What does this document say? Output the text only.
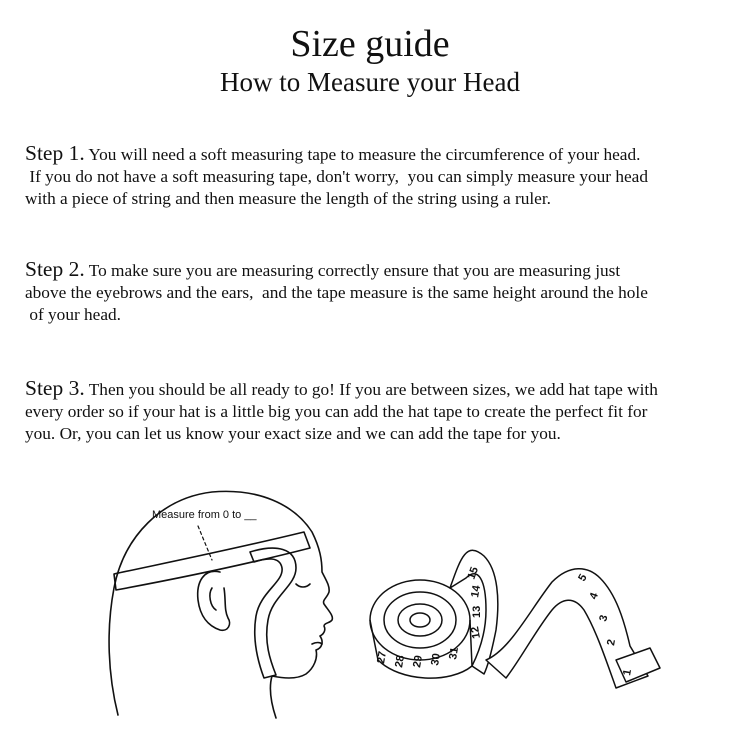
Size guide
How to Measure your Head
Step 1. You will need a soft measuring tape to measure the circumference of your head.
If you do not have a soft measuring tape, don't worry,  you can simply measure your head
with a piece of string and then measure the length of the string using a ruler.
Step 2. To make sure you are measuring correctly ensure that you are measuring just
above the eyebrows and the ears,  and the tape measure is the same height around the hole
of your head.
Step 3. Then you should be all ready to go! If you are between sizes, we add hat tape with
every order so if your hat is a little big you can add the hat tape to create the perfect fit for
you. Or, you can let us know your exact size and we can add the tape for you.
Measure from 0 to __
15
14
13
12
31
30
29
28
27
5
4
3
2
1
